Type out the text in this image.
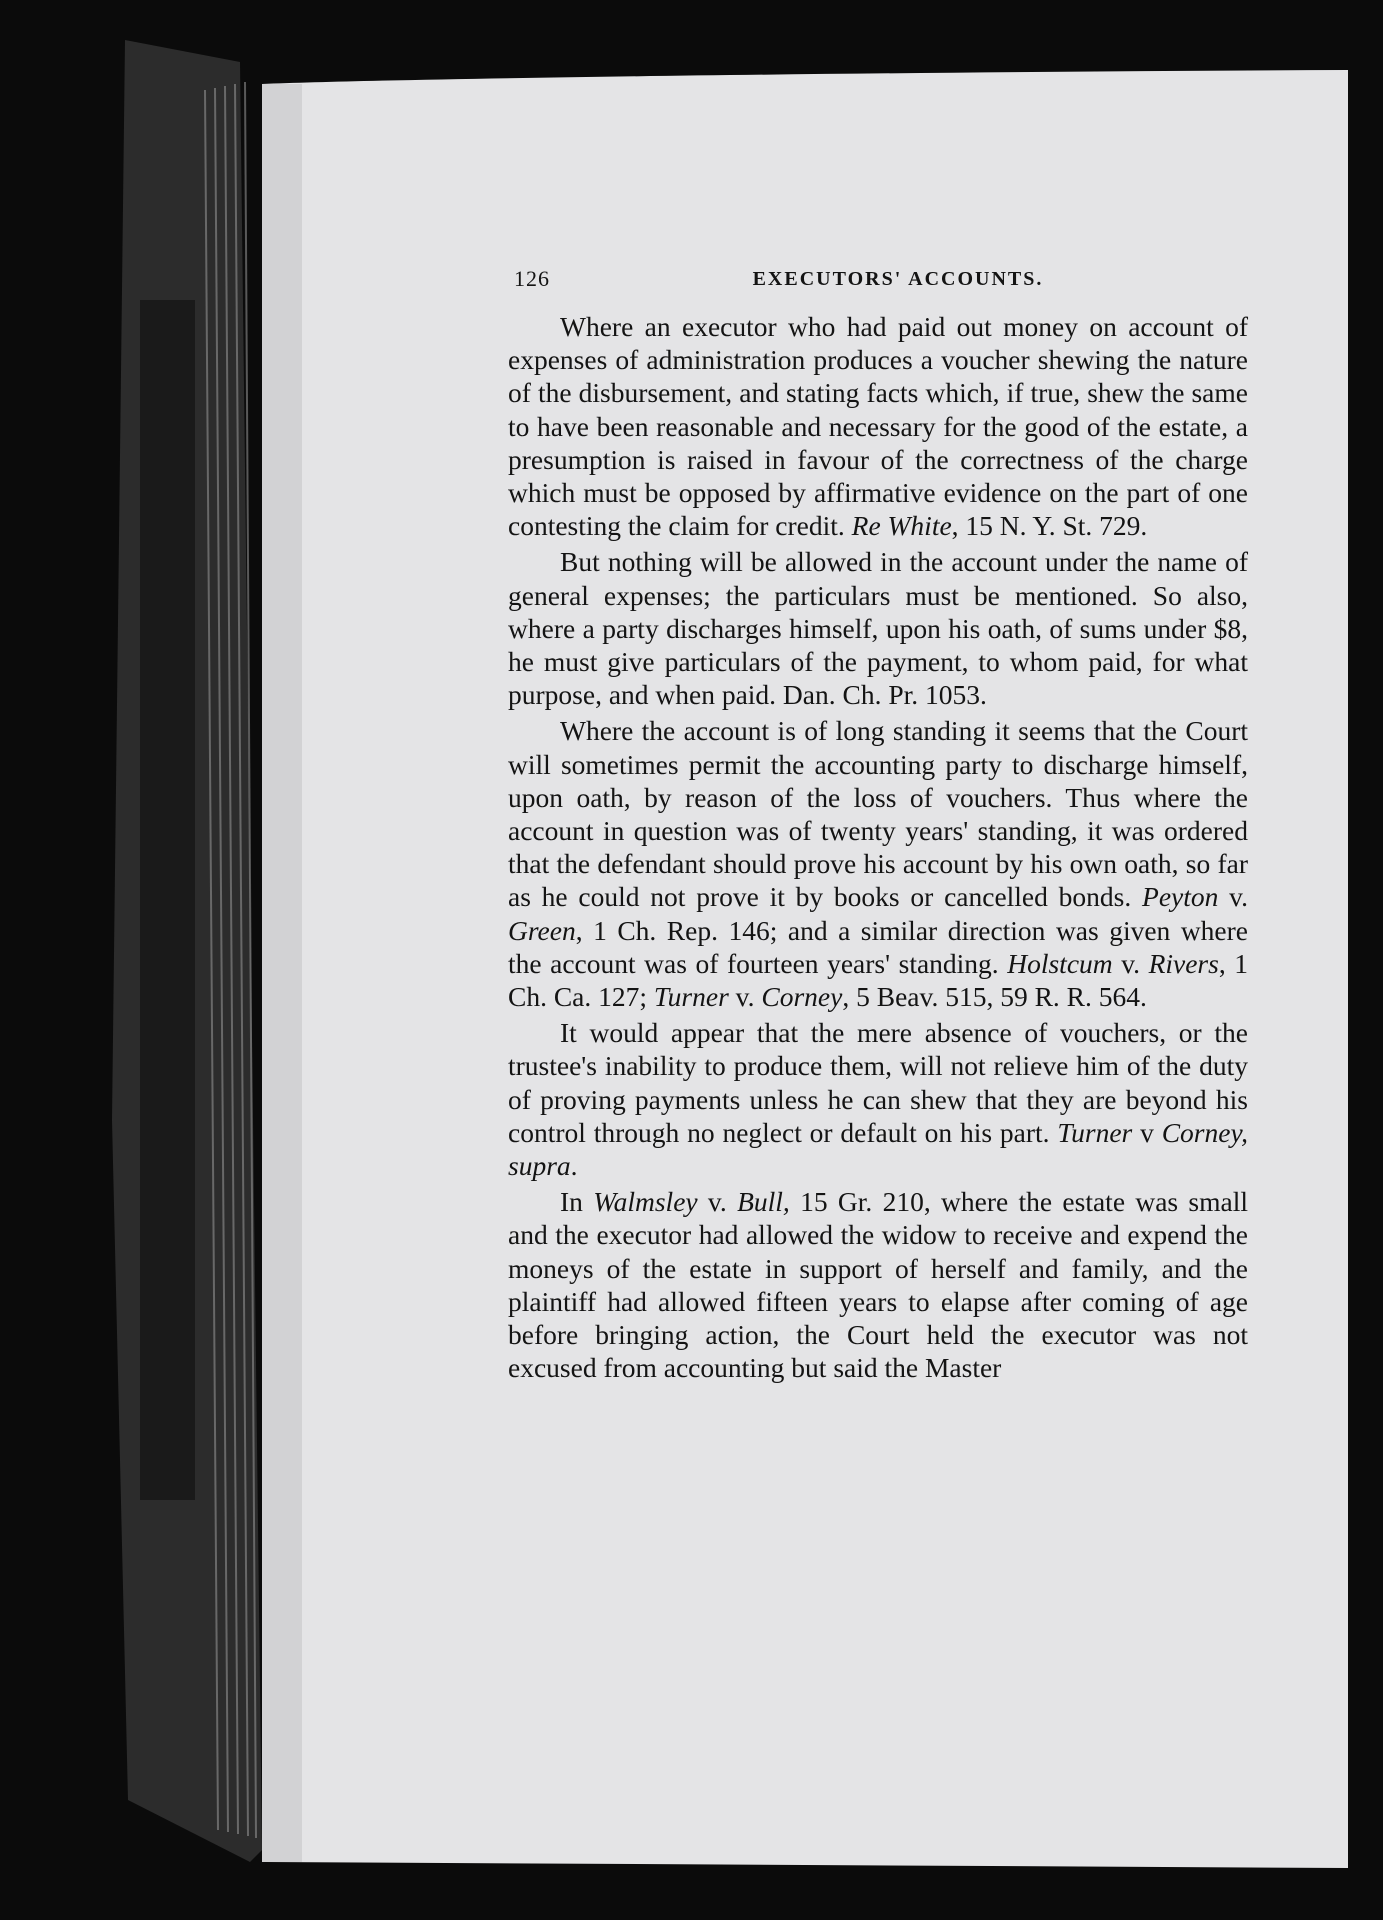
126	EXECUTORS' ACCOUNTS.

Where an executor who had paid out money on account of expenses of administration produces a voucher shewing the nature of the disbursement, and stating facts which, if true, shew the same to have been reasonable and necessary for the good of the estate, a presumption is raised in favour of the correctness of the charge which must be opposed by affirmative evidence on the part of one contesting the claim for credit. Re White, 15 N. Y. St. 729.

But nothing will be allowed in the account under the name of general expenses; the particulars must be mentioned. So also, where a party discharges himself, upon his oath, of sums under $8, he must give particulars of the payment, to whom paid, for what purpose, and when paid. Dan. Ch. Pr. 1053.

Where the account is of long standing it seems that the Court will sometimes permit the accounting party to discharge himself, upon oath, by reason of the loss of vouchers. Thus where the account in question was of twenty years' standing, it was ordered that the defendant should prove his account by his own oath, so far as he could not prove it by books or cancelled bonds. Peyton v. Green, 1 Ch. Rep. 146; and a similar direction was given where the account was of fourteen years' standing. Holstcum v. Rivers, 1 Ch. Ca. 127; Turner v. Corney, 5 Beav. 515, 59 R. R. 564.

It would appear that the mere absence of vouchers, or the trustee's inability to produce them, will not relieve him of the duty of proving payments unless he can shew that they are beyond his control through no neglect or default on his part. Turner v Corney, supra.

In Walmsley v. Bull, 15 Gr. 210, where the estate was small and the executor had allowed the widow to receive and expend the moneys of the estate in support of herself and family, and the plaintiff had allowed fifteen years to elapse after coming of age before bringing action, the Court held the executor was not excused from accounting but said the Master
